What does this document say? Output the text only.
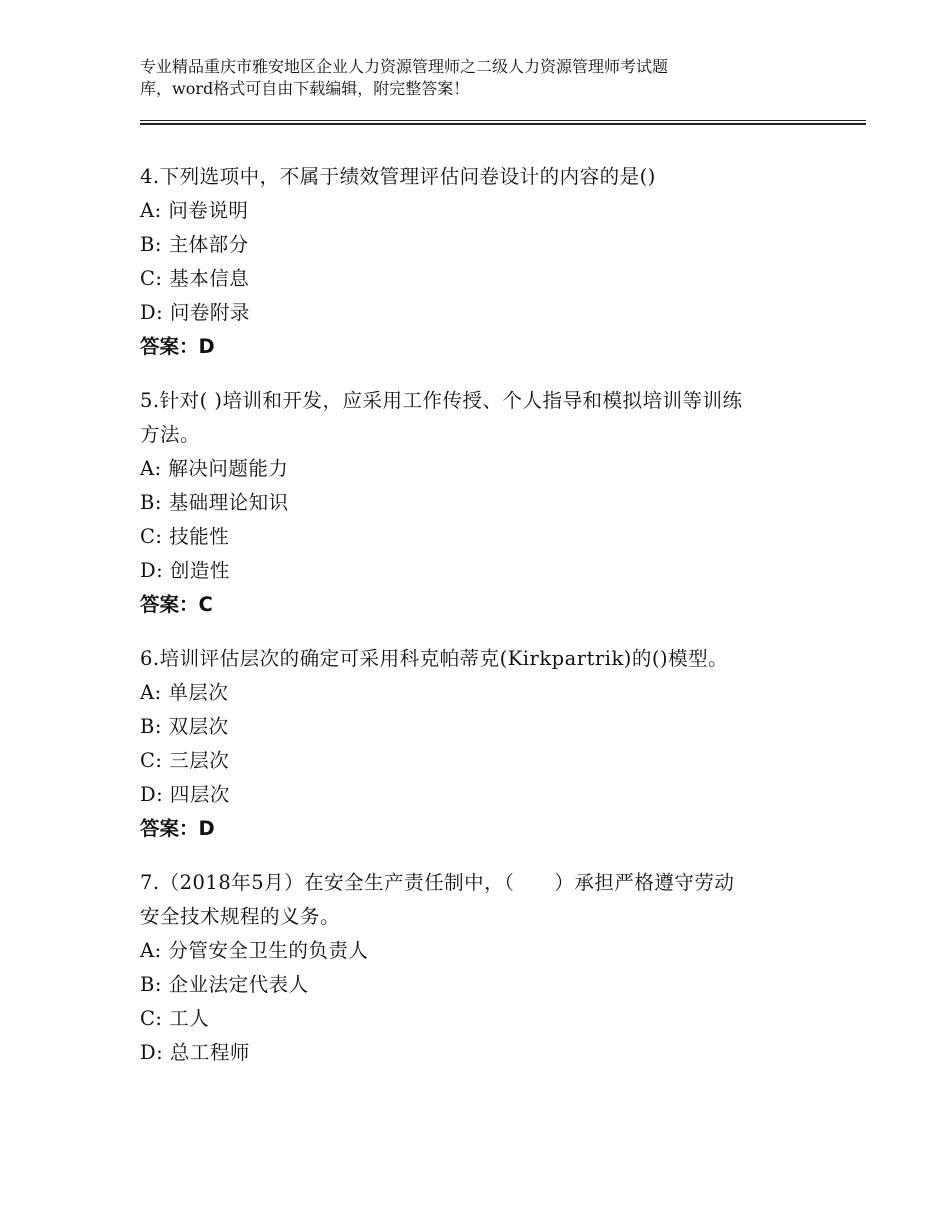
专业精品重庆市雅安地区企业人力资源管理师之二级人力资源管理师考试题
库，word格式可自由下载编辑，附完整答案！
4.下列选项中，不属于绩效管理评估问卷设计的内容的是()
A: 问卷说明
B: 主体部分
C: 基本信息
D: 问卷附录
答案：D
5.针对( )培训和开发，应采用工作传授、个人指导和模拟培训等训练
方法。
A: 解决问题能力
B: 基础理论知识
C: 技能性
D: 创造性
答案：C
6.培训评估层次的确定可采用科克帕蒂克(Kirkpartrik)的()模型。
A: 单层次
B: 双层次
C: 三层次
D: 四层次
答案：D
7.（2018年5月）在安全生产责任制中，（　　）承担严格遵守劳动
安全技术规程的义务。
A: 分管安全卫生的负责人
B: 企业法定代表人
C: 工人
D: 总工程师
